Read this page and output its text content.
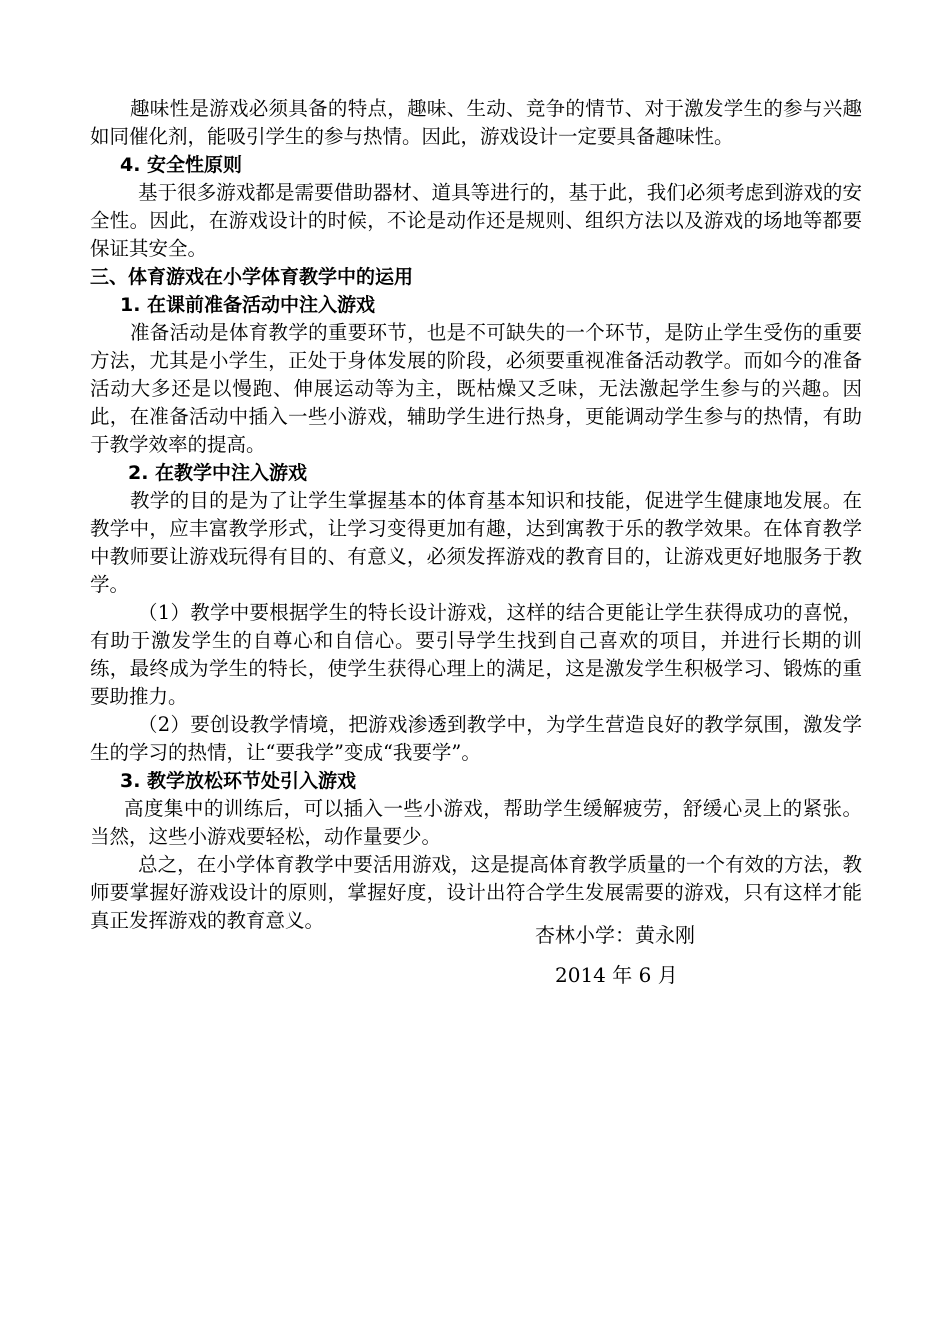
趣味性是游戏必须具备的特点，趣味、生动、竞争的情节、对于激发学生的参与兴趣如同催化剂，能吸引学生的参与热情。因此，游戏设计一定要具备趣味性。

4. 安全性原则

基于很多游戏都是需要借助器材、道具等进行的，基于此，我们必须考虑到游戏的安全性。因此，在游戏设计的时候，不论是动作还是规则、组织方法以及游戏的场地等都要保证其安全。

三、体育游戏在小学体育教学中的运用

1. 在课前准备活动中注入游戏

准备活动是体育教学的重要环节，也是不可缺失的一个环节，是防止学生受伤的重要方法，尤其是小学生，正处于身体发展的阶段，必须要重视准备活动教学。而如今的准备活动大多还是以慢跑、伸展运动等为主，既枯燥又乏味，无法激起学生参与的兴趣。因此，在准备活动中插入一些小游戏，辅助学生进行热身，更能调动学生参与的热情，有助于教学效率的提高。

2. 在教学中注入游戏

教学的目的是为了让学生掌握基本的体育基本知识和技能，促进学生健康地发展。在教学中，应丰富教学形式，让学习变得更加有趣，达到寓教于乐的教学效果。在体育教学中教师要让游戏玩得有目的、有意义，必须发挥游戏的教育目的，让游戏更好地服务于教学。

（1）教学中要根据学生的特长设计游戏，这样的结合更能让学生获得成功的喜悦，有助于激发学生的自尊心和自信心。要引导学生找到自己喜欢的项目，并进行长期的训练，最终成为学生的特长，使学生获得心理上的满足，这是激发学生积极学习、锻炼的重要助推力。

（2）要创设教学情境，把游戏渗透到教学中，为学生营造良好的教学氛围，激发学生的学习的热情，让“要我学”变成“我要学”。

3. 教学放松环节处引入游戏

高度集中的训练后，可以插入一些小游戏，帮助学生缓解疲劳，舒缓心灵上的紧张。当然，这些小游戏要轻松，动作量要少。

总之，在小学体育教学中要活用游戏，这是提高体育教学质量的一个有效的方法，教师要掌握好游戏设计的原则，掌握好度，设计出符合学生发展需要的游戏，只有这样才能真正发挥游戏的教育意义。

杏林小学：黄永刚
2014 年 6 月
